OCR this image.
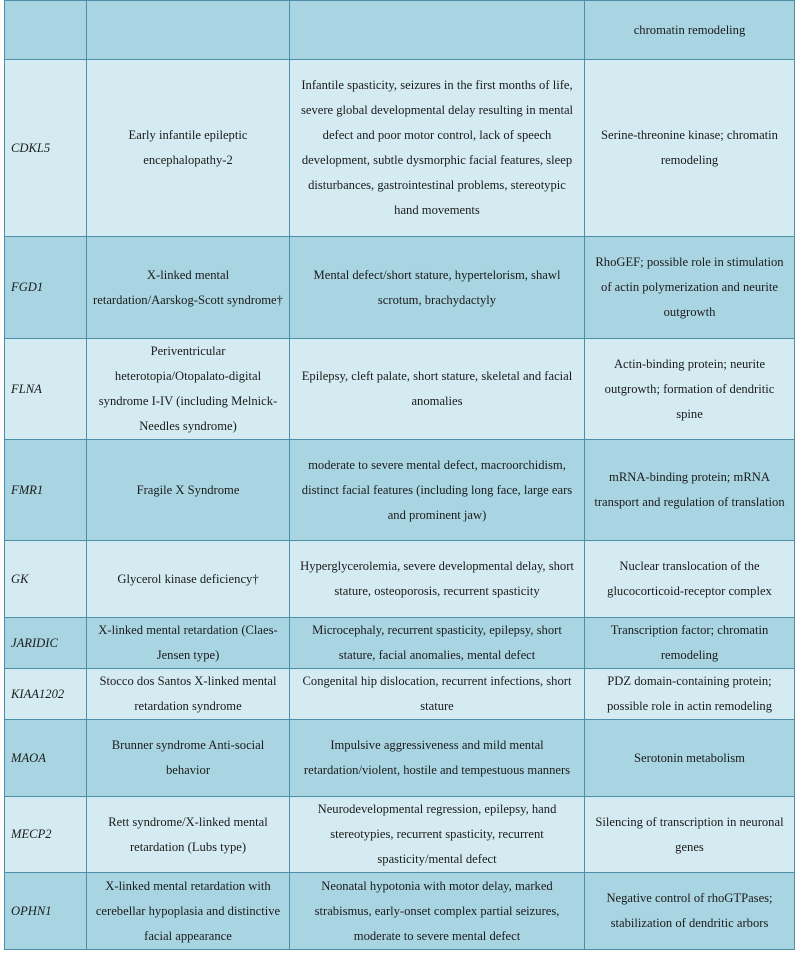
			chromatin remodeling
CDKL5	Early infantile epileptic encephalopathy-2	Infantile spasticity, seizures in the first months of life, severe global developmental delay resulting in mental defect and poor motor control, lack of speech development, subtle dysmorphic facial features, sleep disturbances, gastrointestinal problems, stereotypic hand movements	Serine-threonine kinase; chromatin remodeling
FGD1	X-linked mental retardation/Aarskog-Scott syndrome†	Mental defect/short stature, hypertelorism, shawl scrotum, brachydactyly	RhoGEF; possible role in stimulation of actin polymerization and neurite outgrowth
FLNA	Periventricular heterotopia/Otopalato-digital syndrome I-IV (including Melnick-Needles syndrome)	Epilepsy, cleft palate, short stature, skeletal and facial anomalies	Actin-binding protein; neurite outgrowth; formation of dendritic spine
FMR1	Fragile X Syndrome	moderate to severe mental defect, macroorchidism, distinct facial features (including long face, large ears and prominent jaw)	mRNA-binding protein; mRNA transport and regulation of translation
GK	Glycerol kinase deficiency†	Hyperglycerolemia, severe developmental delay, short stature, osteoporosis, recurrent spasticity	Nuclear translocation of the glucocorticoid-receptor complex
JARIDIC	X-linked mental retardation (Claes-Jensen type)	Microcephaly, recurrent spasticity, epilepsy, short stature, facial anomalies, mental defect	Transcription factor; chromatin remodeling
KIAA1202	Stocco dos Santos X-linked mental retardation syndrome	Congenital hip dislocation, recurrent infections, short stature	PDZ domain-containing protein; possible role in actin remodeling
MAOA	Brunner syndrome Anti-social behavior	Impulsive aggressiveness and mild mental retardation/violent, hostile and tempestuous manners	Serotonin metabolism
MECP2	Rett syndrome/X-linked mental retardation (Lubs type)	Neurodevelopmental regression, epilepsy, hand stereotypies, recurrent spasticity, recurrent spasticity/mental defect	Silencing of transcription in neuronal genes
OPHN1	X-linked mental retardation with cerebellar hypoplasia and distinctive facial appearance	Neonatal hypotonia with motor delay, marked strabismus, early-onset complex partial seizures, moderate to severe mental defect	Negative control of rhoGTPases; stabilization of dendritic arbors
